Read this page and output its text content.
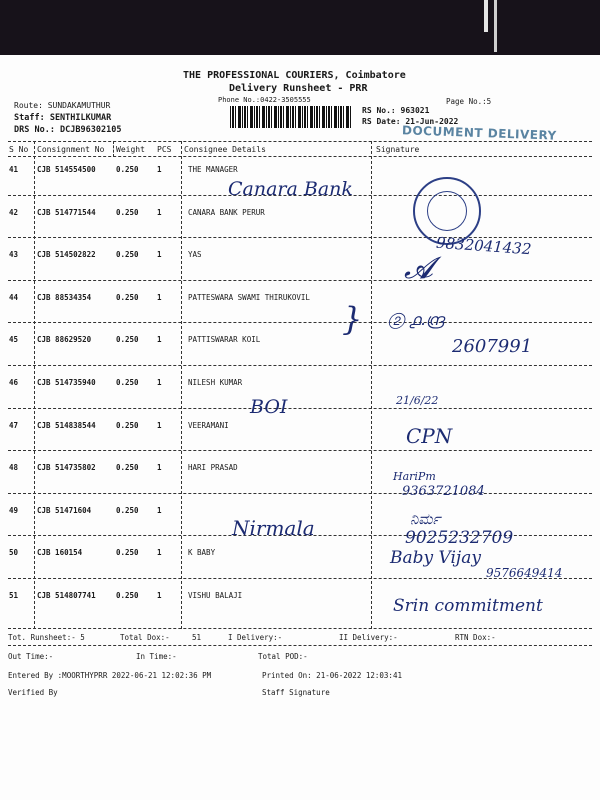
THE PROFESSIONAL COURIERS, Coimbatore
Delivery Runsheet - PRR
Phone No.:0422-3505555	Page No.:5
Route: SUNDAKAMUTHUR
Staff: SENTHILKUMAR
DRS No.: DCJB96302105
RS No.: 963021
RS Date: 21-Jun-2022
DOCUMENT DELIVERY
S No Consignment No Weight PCS Consignee Details	Signature
41	CJB 514554500	0.250 1	THE MANAGER
42	CJB 514771544	0.250 1	CANARA BANK PERUR
43	CJB 514502822	0.250 1	YAS
44	CJB 88534354	0.250 1	PATTESWARA SWAMI THIRUKOVIL
45	CJB 88629520	0.250 1	PATTISWARAR KOIL
46	CJB 514735940	0.250 1	NILESH KUMAR
47	CJB 514838544	0.250 1	VEERAMANI
48	CJB 514735802	0.250 1	HARI PRASAD
49	CJB 51471604	0.250 1
50	CJB 160154	0.250 1	K BABY
51	CJB 514807741	0.250 1	VISHU BALAJI
Canara Bank
9832041432
𝓐
② ൧.ന്ദ്ര
2607991
BOI	21/6/22
CPN
HariPm
9363721084
Nirmala	ನಿರ್ಮ
9025232709
9576649414
Baby Vijay
Srin commitment
}
Tot. Runsheet:- 5	Total Dox:-	51	I Delivery:-	II Delivery:-	RTN Dox:-
Out Time:-	In Time:-	Total POD:-
Entered By :MOORTHYPRR 2022-06-21 12:02:36 PM	Printed On: 21-06-2022 12:03:41
Verified By	Staff Signature
